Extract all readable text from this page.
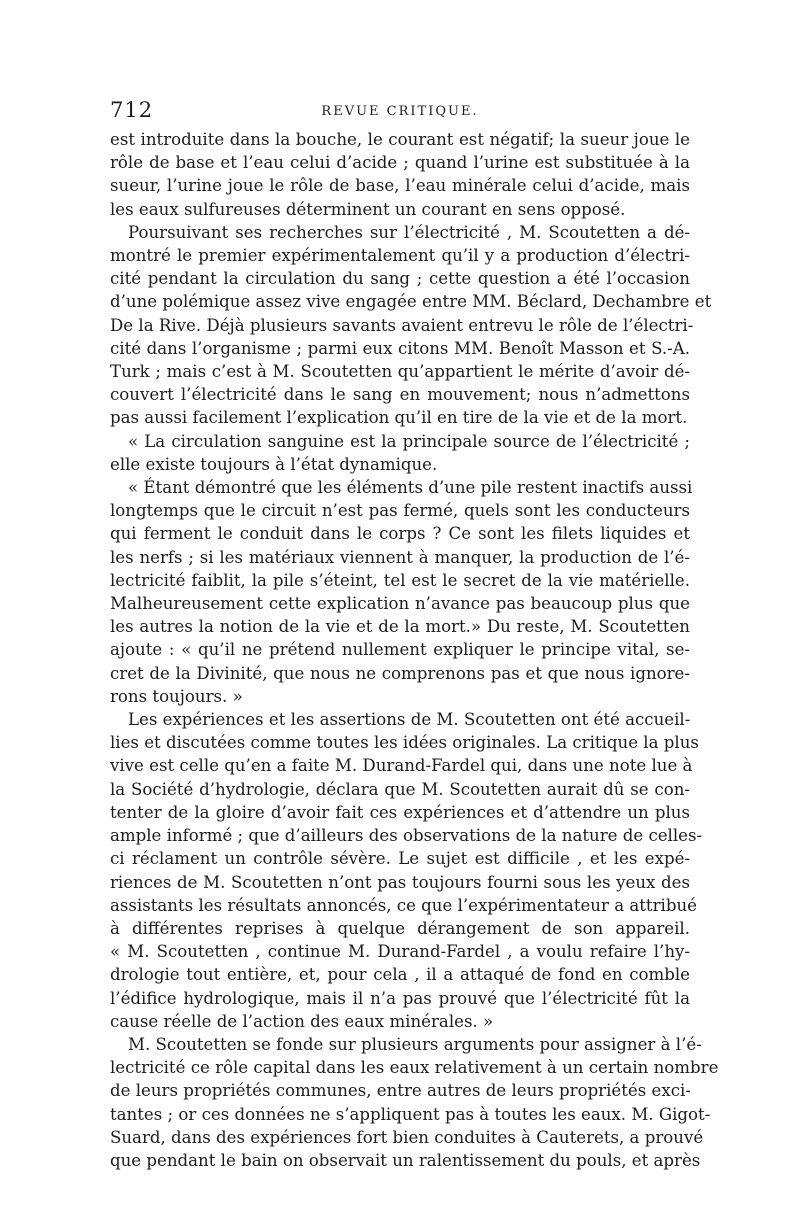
712	REVUE CRITIQUE.
est introduite dans la bouche, le courant est négatif; la sueur joue le
rôle de base et l’eau celui d’acide ; quand l’urine est substituée à la
sueur, l’urine joue le rôle de base, l’eau minérale celui d’acide, mais
les eaux sulfureuses déterminent un courant en sens opposé.
Poursuivant ses recherches sur l’électricité , M. Scoutetten a dé-
montré le premier expérimentalement qu’il y a production d’électri-
cité pendant la circulation du sang ; cette question a été l’occasion
d’une polémique assez vive engagée entre MM. Béclard, Dechambre et
De la Rive. Déjà plusieurs savants avaient entrevu le rôle de l’électri-
cité dans l’organisme ; parmi eux citons MM. Benoît Masson et S.-A.
Turk ; mais c’est à M. Scoutetten qu’appartient le mérite d’avoir dé-
couvert l’électricité dans le sang en mouvement; nous n’admettons
pas aussi facilement l’explication qu’il en tire de la vie et de la mort.
« La circulation sanguine est la principale source de l’électricité ;
elle existe toujours à l’état dynamique.
« Étant démontré que les éléments d’une pile restent inactifs aussi
longtemps que le circuit n’est pas fermé, quels sont les conducteurs
qui ferment le conduit dans le corps ? Ce sont les filets liquides et
les nerfs ; si les matériaux viennent à manquer, la production de l’é-
lectricité faiblit, la pile s’éteint, tel est le secret de la vie matérielle.
Malheureusement cette explication n’avance pas beaucoup plus que
les autres la notion de la vie et de la mort.» Du reste, M. Scoutetten
ajoute : « qu’il ne prétend nullement expliquer le principe vital, se-
cret de la Divinité, que nous ne comprenons pas et que nous ignore-
rons toujours. »
Les expériences et les assertions de M. Scoutetten ont été accueil-
lies et discutées comme toutes les idées originales. La critique la plus
vive est celle qu’en a faite M. Durand-Fardel qui, dans une note lue à
la Société d’hydrologie, déclara que M. Scoutetten aurait dû se con-
tenter de la gloire d’avoir fait ces expériences et d’attendre un plus
ample informé ; que d’ailleurs des observations de la nature de celles-
ci réclament un contrôle sévère. Le sujet est difficile , et les expé-
riences de M. Scoutetten n’ont pas toujours fourni sous les yeux des
assistants les résultats annoncés, ce que l’expérimentateur a attribué
à différentes reprises à quelque dérangement de son appareil.
« M. Scoutetten , continue M. Durand-Fardel , a voulu refaire l’hy-
drologie tout entière, et, pour cela , il a attaqué de fond en comble
l’édifice hydrologique, mais il n’a pas prouvé que l’électricité fût la
cause réelle de l’action des eaux minérales. »
M. Scoutetten se fonde sur plusieurs arguments pour assigner à l’é-
lectricité ce rôle capital dans les eaux relativement à un certain nombre
de leurs propriétés communes, entre autres de leurs propriétés exci-
tantes ; or ces données ne s’appliquent pas à toutes les eaux. M. Gigot-
Suard, dans des expériences fort bien conduites à Cauterets, a prouvé
que pendant le bain on observait un ralentissement du pouls, et après
